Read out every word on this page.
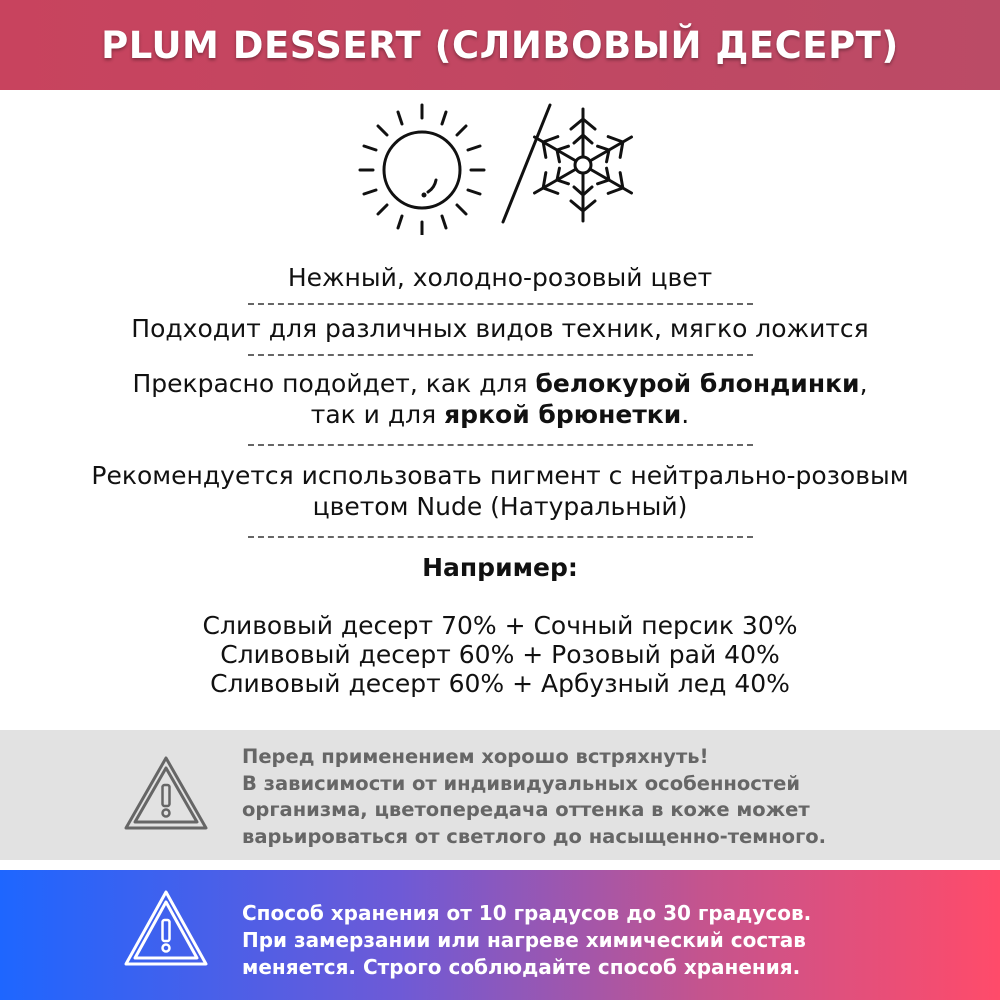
PLUM DESSERT (СЛИВОВЫЙ ДЕСЕРТ)

Нежный, холодно-розовый цвет

Подходит для различных видов техник, мягко ложится

Прекрасно подойдет, как для белокурой блондинки,

так и для яркой брюнетки.

Рекомендуется использовать пигмент с нейтрально-розовым

цветом Nude (Натуральный)

Например:

Сливовый десерт 70% + Сочный персик 30%

Сливовый десерт 60% + Розовый рай 40%

Сливовый десерт 60% + Арбузный лед 40%

Перед применением хорошо встряхнуть!
В зависимости от индивидуальных особенностей
организма, цветопередача оттенка в коже может
варьироваться от светлого до насыщенно-темного.
Способ хранения от 10 градусов до 30 градусов.
При замерзании или нагреве химический состав
меняется. Строго соблюдайте способ хранения.
